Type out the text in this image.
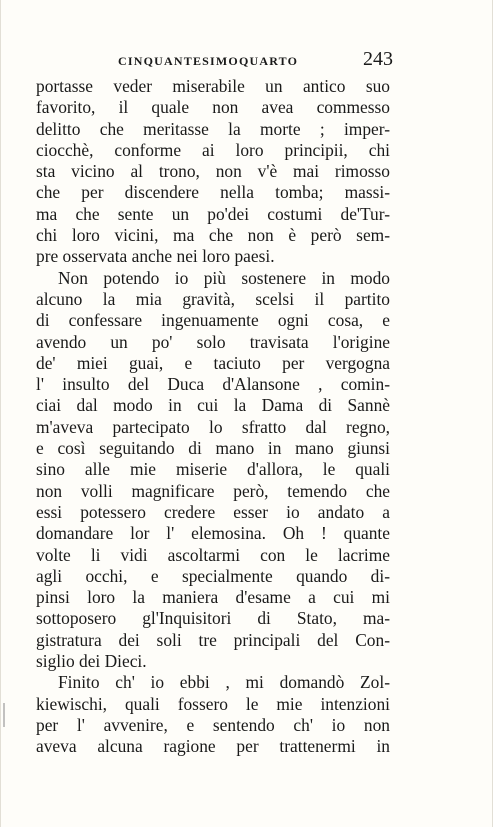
CINQUANTESIMOQUARTO	243
portasse veder miserabile un antico suo
favorito, il quale non avea commesso
delitto che meritasse la morte ; imper-
ciocchè, conforme ai loro principii, chi
sta vicino al trono, non v'è mai rimosso
che per discendere nella tomba; massi-
ma che sente un po'dei costumi de'Tur-
chi loro vicini, ma che non è però sem-
pre osservata anche nei loro paesi.
Non potendo io più sostenere in modo
alcuno la mia gravità, scelsi il partito
di confessare ingenuamente ogni cosa, e
avendo un po' solo travisata l'origine
de' miei guai, e taciuto per vergogna
l' insulto del Duca d'Alansone , comin-
ciai dal modo in cui la Dama di Sannè
m'aveva partecipato lo sfratto dal regno,
e così seguitando di mano in mano giunsi
sino alle mie miserie d'allora, le quali
non volli magnificare però, temendo che
essi potessero credere esser io andato a
domandare lor l' elemosina. Oh ! quante
volte li vidi ascoltarmi con le lacrime
agli occhi, e specialmente quando di-
pinsi loro la maniera d'esame a cui mi
sottoposero gl'Inquisitori di Stato, ma-
gistratura dei soli tre principali del Con-
siglio dei Dieci.
Finito ch' io ebbi , mi domandò Zol-
kiewischi, quali fossero le mie intenzioni
per l' avvenire, e sentendo ch' io non
aveva alcuna ragione per trattenermi in
